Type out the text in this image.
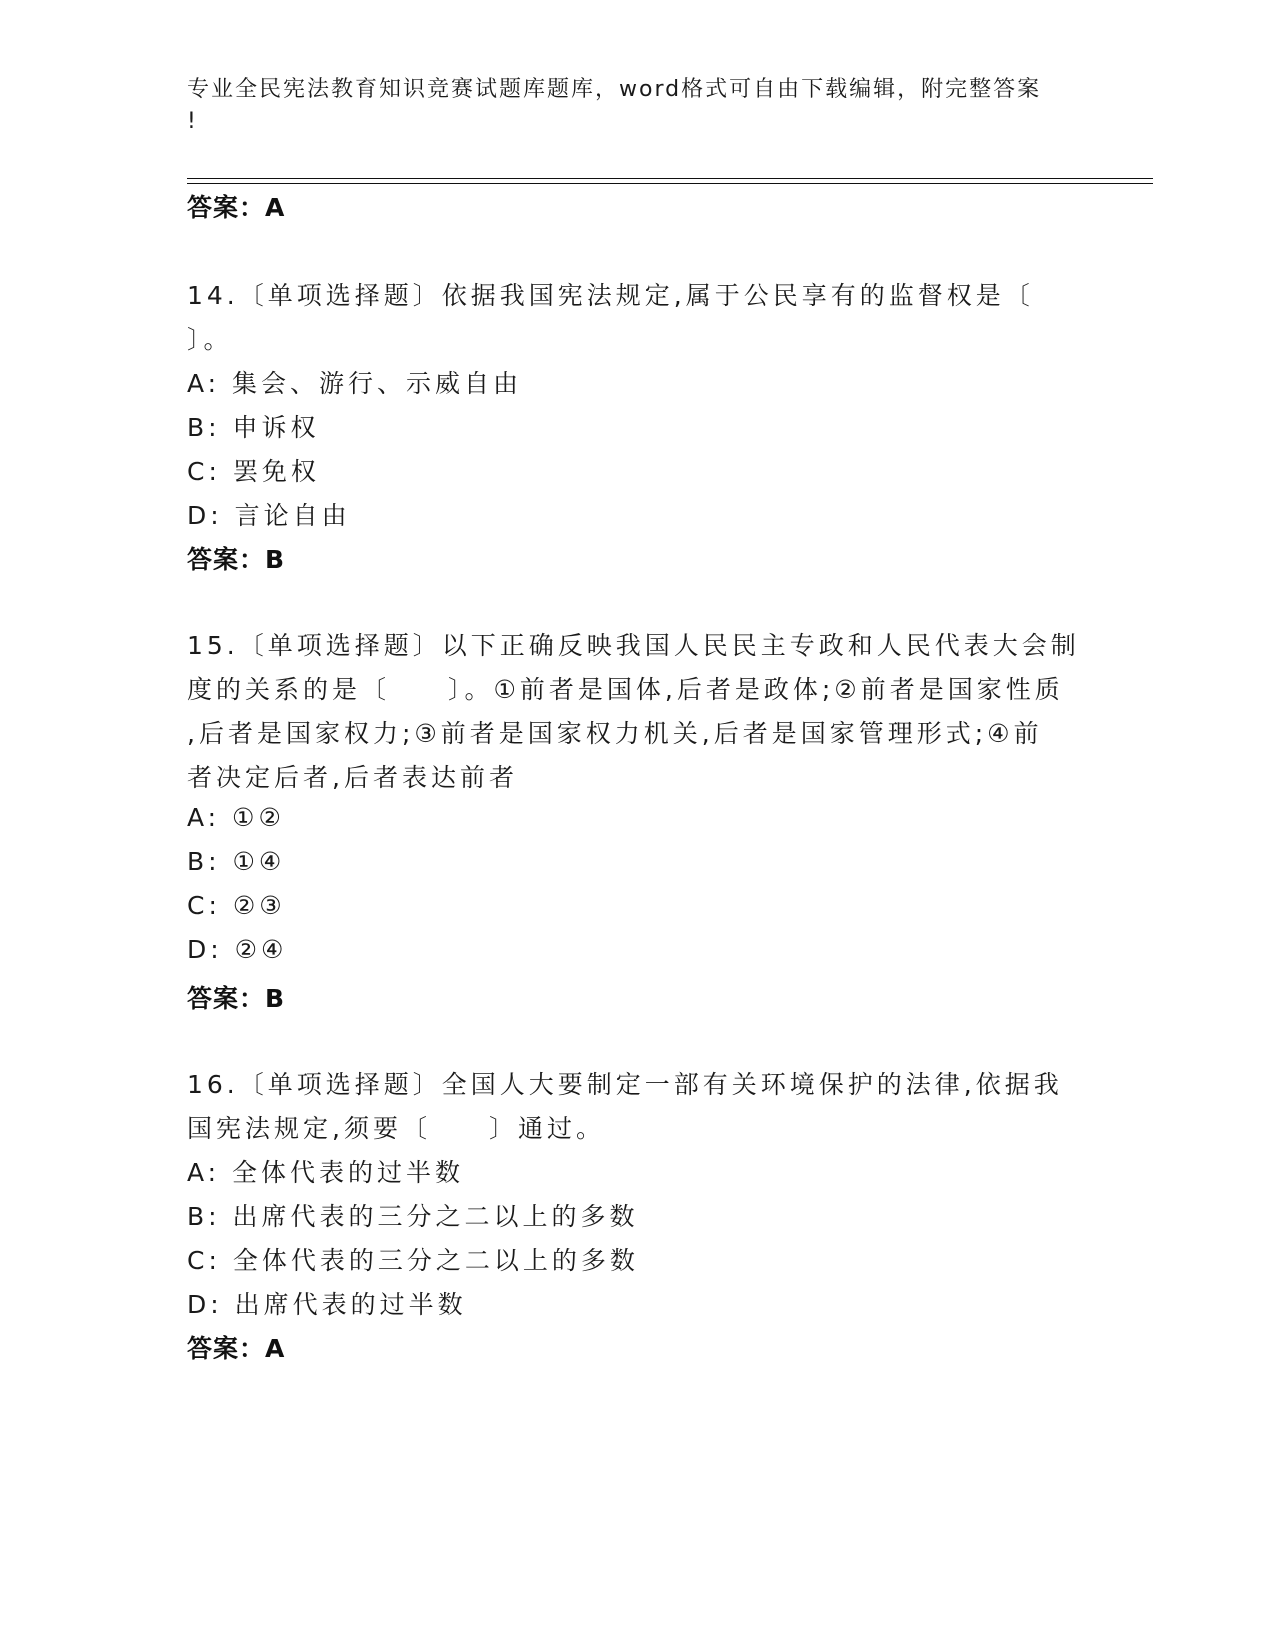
专业全民宪法教育知识竞赛试题库题库，word格式可自由下载编辑，附完整答案
!
答案：A
14.〔单项选择题〕依据我国宪法规定,属于公民享有的监督权是〔
〕。
A: 集会、游行、示威自由
B: 申诉权
C: 罢免权
D: 言论自由
答案：B
15.〔单项选择题〕以下正确反映我国人民民主专政和人民代表大会制
度的关系的是〔　　〕。①前者是国体,后者是政体;②前者是国家性质
,后者是国家权力;③前者是国家权力机关,后者是国家管理形式;④前
者决定后者,后者表达前者
A: ①②
B: ①④
C: ②③
D: ②④
答案：B
16.〔单项选择题〕全国人大要制定一部有关环境保护的法律,依据我
国宪法规定,须要〔　　〕通过。
A: 全体代表的过半数
B: 出席代表的三分之二以上的多数
C: 全体代表的三分之二以上的多数
D: 出席代表的过半数
答案：A
